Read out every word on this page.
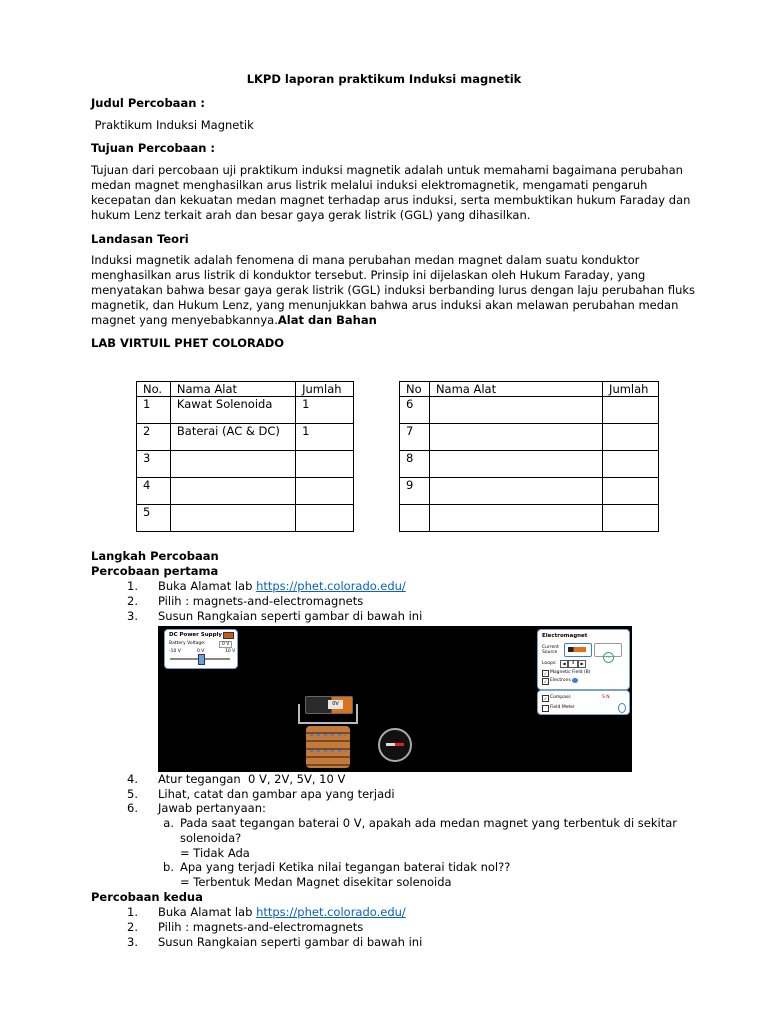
LKPD laporan praktikum Induksi magnetik
Judul Percobaan :
Praktikum Induksi Magnetik
Tujuan Percobaan :
Tujuan dari percobaan uji praktikum induksi magnetik adalah untuk memahami bagaimana perubahan
medan magnet menghasilkan arus listrik melalui induksi elektromagnetik, mengamati pengaruh
kecepatan dan kekuatan medan magnet terhadap arus induksi, serta membuktikan hukum Faraday dan
hukum Lenz terkait arah dan besar gaya gerak listrik (GGL) yang dihasilkan.
Landasan Teori
Induksi magnetik adalah fenomena di mana perubahan medan magnet dalam suatu konduktor
menghasilkan arus listrik di konduktor tersebut. Prinsip ini dijelaskan oleh Hukum Faraday, yang
menyatakan bahwa besar gaya gerak listrik (GGL) induksi berbanding lurus dengan laju perubahan fluks
magnetik, dan Hukum Lenz, yang menunjukkan bahwa arus induksi akan melawan perubahan medan
magnet yang menyebabkannya.Alat dan Bahan
LAB VIRTUIL PHET COLORADO
No.	Nama Alat	Jumlah
1	Kawat Solenoida	1
2	Baterai (AC & DC)	1
3		
4		
5		
No	Nama Alat	Jumlah
6		
7		
8		
9		

Langkah Percobaan
Percobaan pertama
1. Buka Alamat lab https://phet.colorado.edu/
2. Pilih : magnets-and-electromagnets
3. Susun Rangkaian seperti gambar di bawah ini
DC Power Supply
Battery Voltage:	0 V
-10 V	0 V	10 V
Electromagnet
Current Source
~
Loops:	◀	4	▶
✓ Magnetic Field (B)
✓ Electrons
✓ Compass	S N
Field Meter
0V
4. Atur tegangan  0 V, 2V, 5V, 10 V
5. Lihat, catat dan gambar apa yang terjadi
6. Jawab pertanyaan:
a. Pada saat tegangan baterai 0 V, apakah ada medan magnet yang terbentuk di sekitar
solenoida?
= Tidak Ada
b. Apa yang terjadi Ketika nilai tegangan baterai tidak nol??
= Terbentuk Medan Magnet disekitar solenoida
Percobaan kedua
1. Buka Alamat lab https://phet.colorado.edu/
2. Pilih : magnets-and-electromagnets
3. Susun Rangkaian seperti gambar di bawah ini
